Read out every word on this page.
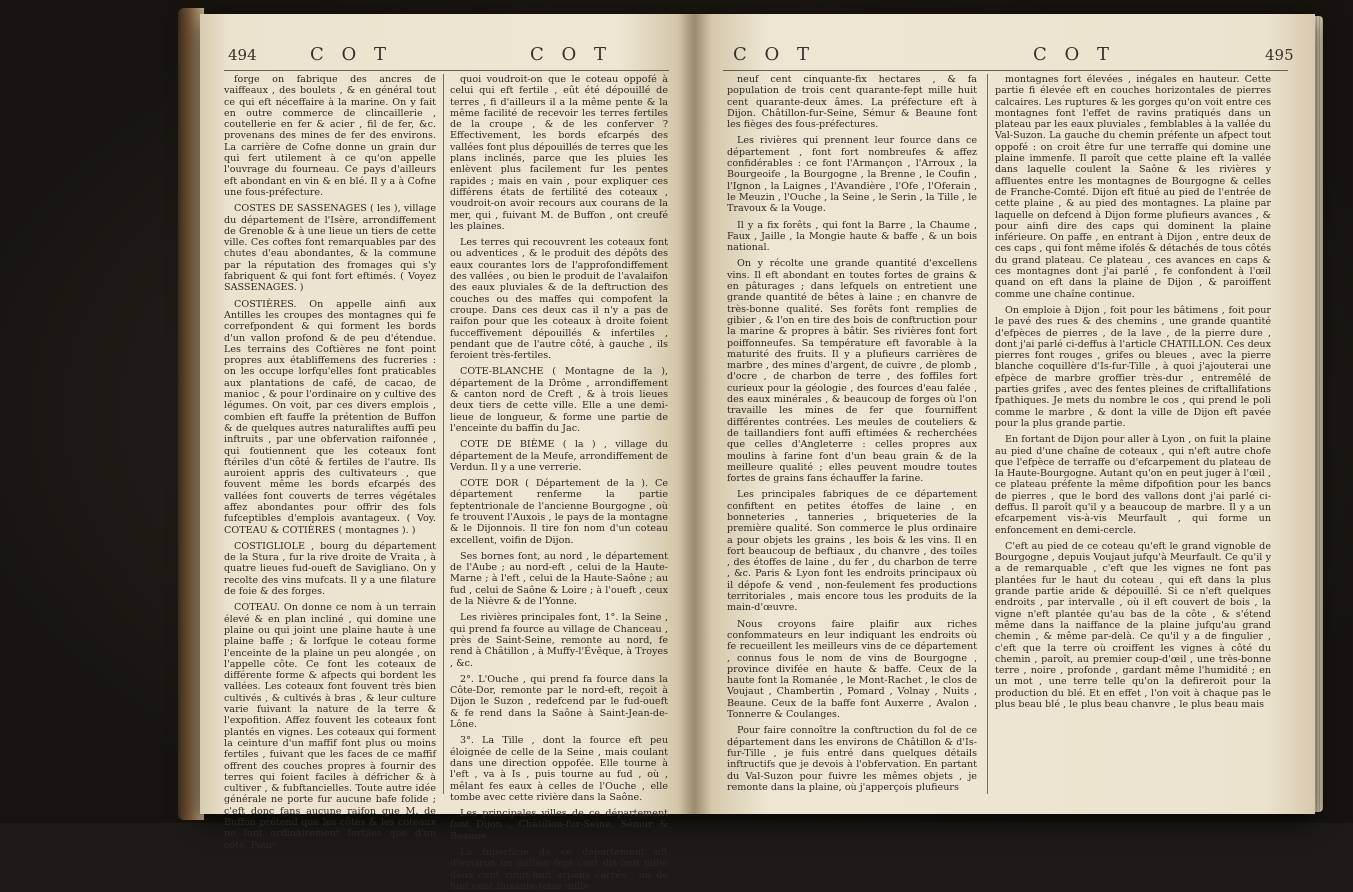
494	C O T	C O T

forge on fabrique des ancres de vaiffeaux , des boulets , & en général tout ce qui eft néceffaire à la marine. On y fait en outre commerce de clincaillerie , coutellerie en fer & acier , fil de fer, &c. provenans des mines de fer des environs. La carrière de Cofne donne un grain dur qui fert utilement à ce qu'on appelle l'ouvrage du fourneau. Ce pays d'ailleurs eft abondant en vin & en blé. Il y a à Cofne une fous-préfecture.

COSTES DE SASSENAGES ( les ), village du département de l'Isère, arrondiffement de Grenoble & à une lieue un tiers de cette ville. Ces coftes font remarquables par des chutes d'eau abondantes, & la commune par la réputation des fromages qui s'y fabriquent & qui font fort eftimés. ( Voyez SASSENAGES. )

COSTIÈRES. On appelle ainfi aux Antilles les croupes des montagnes qui fe correfpondent & qui forment les bords d'un vallon profond & de peu d'étendue. Les terrains des Coftières ne font point propres aux établiffemens des fucreries : on les occupe lorfqu'elles font praticables aux plantations de café, de cacao, de manioc , & pour l'ordinaire on y cultive des légumes. On voit, par ces divers emplois , combien eft fauffe la prétention de Buffon & de quelques autres naturaliftes auffi peu inftruits , par une obfervation raifonnée , qui foutiennent que les coteaux font ftériles d'un côté & fertiles de l'autre. Ils auroient appris des cultivateurs , que fouvent même les bords efcarpés des vallées font couverts de terres végétales affez abondantes pour offrir des fols fufceptibles d'emplois avantageux. ( Voy. COTEAU & COTIÈRES ( montagnes ). )

COSTIGLIOLE , bourg du département de la Stura , fur la rive droite de Vraita , à quatre lieues fud-oueft de Savigliano. On y recolte des vins mufcats. Il y a une filature de foie & des forges.

COTEAU. On donne ce nom à un terrain élevé & en plan incliné , qui domine une plaine ou qui joint une plaine haute à une plaine baffe ; & lorfque le coteau forme l'enceinte de la plaine un peu alongée , on l'appelle côte. Ce font les coteaux de différente forme & afpects qui bordent les vallées. Les coteaux font fouvent très bien cultivés , & cultivés à bras , & leur culture varie fuivant la nature de la terre & l'expofition. Affez fouvent les coteaux font plantés en vignes. Les coteaux qui forment la ceinture d'un maffif font plus ou moins fertiles , fuivant que les faces de ce maffif offrent des couches propres à fournir des terres qui foient faciles à défricher & à cultiver , & fubftancielles. Toute autre idée générale ne porte fur aucune bafe folide ; c'eft donc fans aucune raifon que M. de Buffon prétend que les côtes & les coteaux ne font ordinairement fertiles que d'un côté. Pour-

quoi voudroit-on que le coteau oppofé à celui qui eft fertile , eût été dépouillé de terres , fi d'ailleurs il a la même pente & la même facilité de recevoir les terres fertiles de la croupe , & de les conferver ? Effectivement, les bords efcarpés des vallées font plus dépouillés de terres que les plans inclinés, parce que les pluies les enlèvent plus facilement fur les pentes rapides ; mais en vain , pour expliquer ces différens états de fertilité des coteaux , voudroit-on avoir recours aux courans de la mer, qui , fuivant M. de Buffon , ont creufé les plaines.

Les terres qui recouvrent les coteaux font ou adventices , & le produit des dépôts des eaux courantes lors de l'approfondiffement des vallées , ou bien le produit de l'avalaifon des eaux pluviales & de la deftruction des couches ou des maffes qui compofent la croupe. Dans ces deux cas il n'y a pas de raifon pour que les coteaux à droite foient fucceffivement dépouillés & infertiles , pendant que de l'autre côté, à gauche , ils feroient très-fertiles.

COTE-BLANCHE ( Montagne de la ), département de la Drôme , arrondiffement & canton nord de Creft , & à trois lieues deux tiers de cette ville. Elle a une demi-lieue de longueur, & forme une partie de l'enceinte du baffin du Jac.

COTE DE BIÈME ( la ) , village du département de la Meufe, arrondiffement de Verdun. Il y a une verrerie.

COTE DOR ( Département de la ). Ce département renferme la partie feptentrionale de l'ancienne Bourgogne , où fe trouvent l'Auxois , le pays de la montagne & le Dijonnois. Il tire fon nom d'un coteau excellent, voifin de Dijon.

Ses bornes font, au nord , le département de l'Aube ; au nord-eft , celui de la Haute-Marne ; à l'eft , celui de la Haute-Saône ; au fud , celui de Saône & Loire ; à l'oueft , ceux de la Nièvre & de l'Yonne.

Les rivières principales font, 1°. la Seine , qui prend fa fource au village de Chanceau , près de Saint-Seine, remonte au nord, fe rend à Châtillon , à Muffy-l'Évêque, à Troyes , &c.

2°. L'Ouche , qui prend fa fource dans la Côte-Dor, remonte par le nord-eft, reçoit à Dijon le Suzon , redefcend par le fud-oueft & fe rend dans la Saône à Saint-Jean-de-Lône.

3°. La Tille , dont la fource eft peu éloignée de celle de la Seine , mais coulant dans une direction oppofée. Elle tourne à l'eft , va à Is , puis tourne au fud , où , mêlant fes eaux à celles de l'Ouche , elle tombe avec cette rivière dans la Saône.

Les principales villes de ce département font Dijon , Châtillon-fur-Seine, Sémur & Beaune.

La fuperficie de ce département eft d'environ un million fept cent dix-huit mille deux cent vingt-huit arpens carrés , ou de huit cent foixante-feize mille

C O T	C O T	495

neuf cent cinquante-fix hectares , & fa population de trois cent quarante-fept mille huit cent quarante-deux âmes. La préfecture eft à Dijon. Châtillon-fur-Seine, Sémur & Beaune font les fièges des fous-préfectures.

Les rivières qui prennent leur fource dans ce département , font fort nombreufes & affez confidérables : ce font l'Armançon , l'Arroux , la Bourgeoife , la Bourgogne , la Brenne , le Coufin , l'Ignon , la Laignes , l'Avandière , l'Ofe , l'Oferain , le Meuzin , l'Ouche , la Seine , le Serin , la Tille , le Travoux & la Vouge.

Il y a fix forêts , qui font la Barre , la Chaume , Faux , Jaille , la Mongie haute & baffe , & un bois national.

On y récolte une grande quantité d'excellens vins. Il eft abondant en toutes fortes de grains & en pâturages ; dans lefquels on entretient une grande quantité de bêtes à laine ; en chanvre de très-bonne qualité. Ses forêts font remplies de gibier , & l'on en tire des bois de conftruction pour la marine & propres à bâtir. Ses rivières font fort poiffonneufes. Sa température eft favorable à la maturité des fruits. Il y a plufieurs carrières de marbre , des mines d'argent, de cuivre , de plomb , d'ocre , de charbon de terre , des foffiles fort curieux pour la géologie , des fources d'eau falée , des eaux minérales , & beaucoup de forges où l'on travaille les mines de fer que fourniffent différentes contrées. Les meules de couteliers & de taillandiers font auffi eftimées & recherchées que celles d'Angleterre : celles propres aux moulins à farine font d'un beau grain & de la meilleure qualité ; elles peuvent moudre toutes fortes de grains fans échauffer la farine.

Les principales fabriques de ce département confiftent en petites étoffes de laine , en bonneteries , tanneries , briqueteries de la première qualité. Son commerce le plus ordinaire a pour objets les grains , les bois & les vins. Il en fort beaucoup de beftiaux , du chanvre , des toiles , des étoffes de laine , du fer , du charbon de terre , &c. Paris & Lyon font les endroits principaux où il dépofe & vend , non-feulement fes productions territoriales , mais encore tous les produits de la main-d'œuvre.

Nous croyons faire plaifir aux riches confommateurs en leur indiquant les endroits où fe recueillent les meilleurs vins de ce département , connus fous le nom de vins de Bourgogne , province divifée en haute & baffe. Ceux de la haute font la Romanée , le Mont-Rachet , le clos de Voujaut , Chambertin , Pomard , Volnay , Nuits , Beaune. Ceux de la baffe font Auxerre , Avalon , Tonnerre & Coulanges.

Pour faire connoître la conftruction du fol de ce département dans les environs de Châtillon & d'Is-fur-Tille , je fuis entré dans quelques détails inftructifs que je devois à l'obfervation. En partant du Val-Suzon pour fuivre les mêmes objets , je remonte dans la plaine, où j'apperçois plufieurs

montagnes fort élevées , inégales en hauteur. Cette partie fi élevée eft en couches horizontales de pierres calcaires. Les ruptures & les gorges qu'on voit entre ces montagnes font l'effet de ravins pratiqués dans un plateau par les eaux pluviales , femblables à la vallée du Val-Suzon. La gauche du chemin préfente un afpect tout oppofé : on croit être fur une terraffe qui domine une plaine immenfe. Il paroît que cette plaine eft la vallée dans laquelle coulent la Saône & les rivières y affluentes entre les montagnes de Bourgogne & celles de Franche-Comté. Dijon eft fitué au pied de l'entrée de cette plaine , & au pied des montagnes. La plaine par laquelle on defcend à Dijon forme plufieurs avances , & pour ainfi dire des caps qui dominent la plaine inférieure. On paffe , en entrant à Dijon , entre deux de ces caps , qui font même ifolés & détachés de tous côtés du grand plateau. Ce plateau , ces avances en caps & ces montagnes dont j'ai parlé , fe confondent à l'œil quand on eft dans la plaine de Dijon , & paroiffent comme une chaîne continue.

On emploie à Dijon , foit pour les bâtimens , foit pour le pavé des rues & des chemins , une grande quantité d'efpèces de pierres , de la lave , de la pierre dure , dont j'ai parlé ci-deffus à l'article CHATILLON. Ces deux pierres font rouges , grifes ou bleues , avec la pierre blanche coquillère d'Is-fur-Tille , à quoi j'ajouterai une efpèce de marbre groffier très-dur , entremêlé de parties grifes , avec des fentes pleines de criftallifations fpathiques. Je mets du nombre le cos , qui prend le poli comme le marbre , & dont la ville de Dijon eft pavée pour la plus grande partie.

En fortant de Dijon pour aller à Lyon , on fuit la plaine au pied d'une chaîne de coteaux , qui n'eft autre chofe que l'efpèce de terraffe ou d'efcarpement du plateau de la Haute-Bourgogne. Autant qu'on en peut juger à l'œil , ce plateau préfente la même difpofition pour les bancs de pierres , que le bord des vallons dont j'ai parlé ci-deffus. Il paroît qu'il y a beaucoup de marbre. Il y a un efcarpement vis-à-vis Meurfault , qui forme un enfoncement en demi-cercle.

C'eft au pied de ce coteau qu'eft le grand vignoble de Bourgogne , depuis Voujaut jufqu'à Meurfault. Ce qu'il y a de remarquable , c'eft que les vignes ne font pas plantées fur le haut du coteau , qui eft dans la plus grande partie aride & dépouillé. Si ce n'eft quelques endroits , par intervalle , où il eft couvert de bois , la vigne n'eft plantée qu'au bas de la côte , & s'étend même dans la naiffance de la plaine jufqu'au grand chemin , & même par-delà. Ce qu'il y a de fingulier , c'eft que la terre où croiffent les vignes à côté du chemin , paroît, au premier coup-d'œil , une très-bonne terre , noire , profonde , gardant même l'humidité ; en un mot , une terre telle qu'on la defireroit pour la production du blé. Et en effet , l'on voit à chaque pas le plus beau blé , le plus beau chanvre , le plus beau mais
